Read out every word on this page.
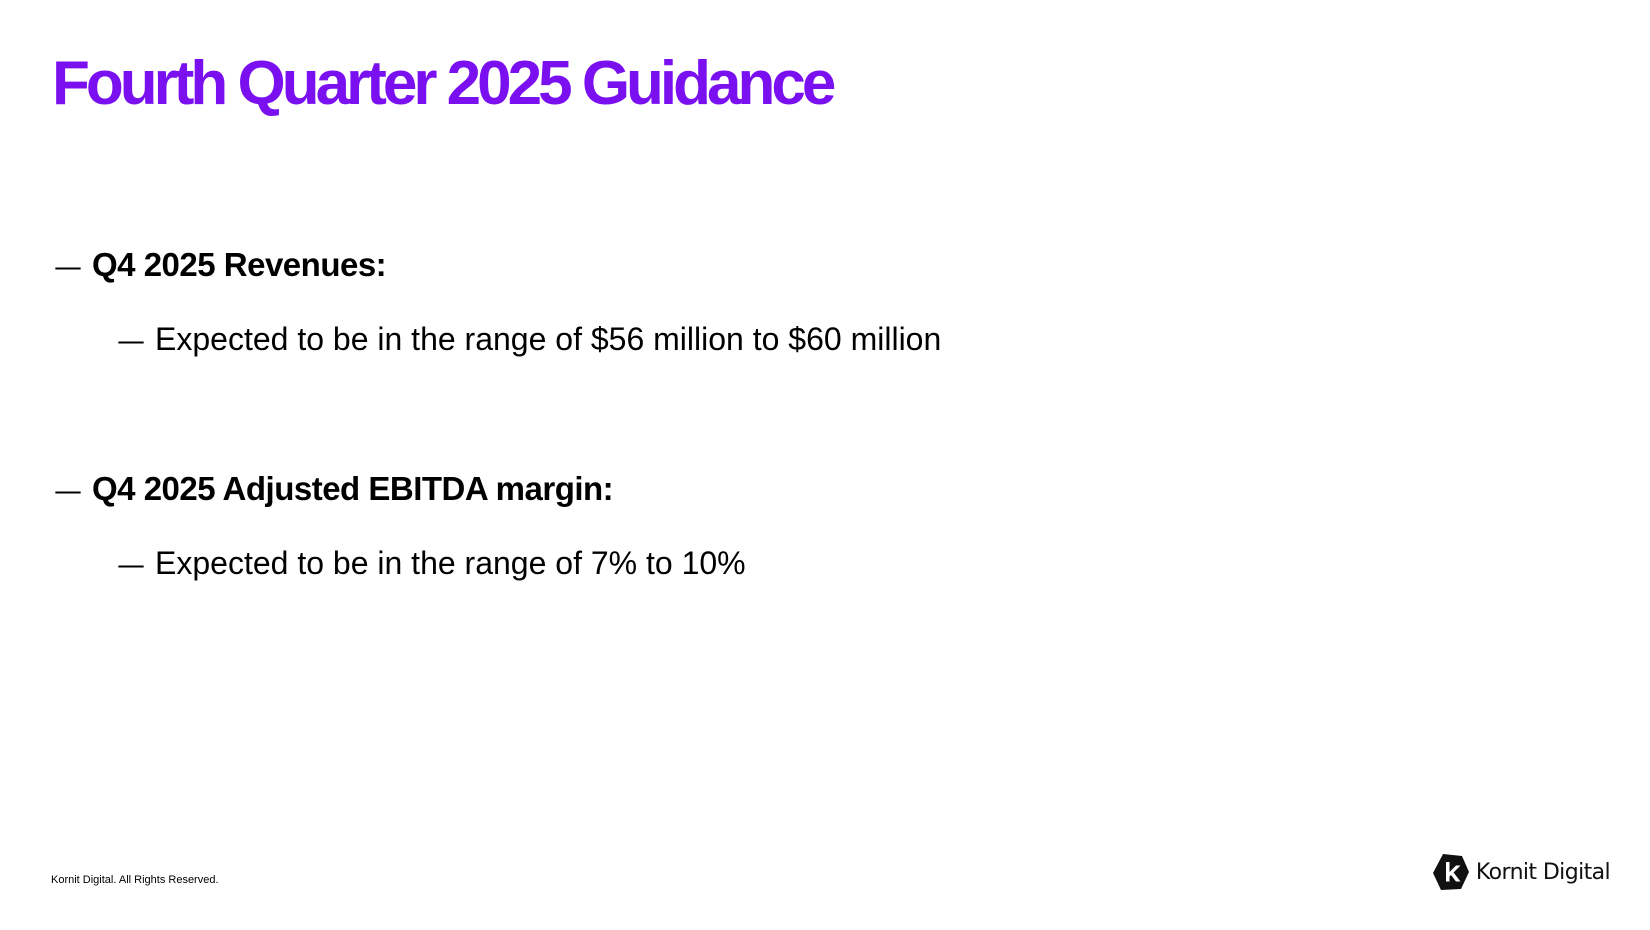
Fourth Quarter 2025 Guidance
— Q4 2025 Revenues:
— Expected to be in the range of $56 million to $60 million
— Q4 2025 Adjusted EBITDA margin:
— Expected to be in the range of 7% to 10%
Kornit Digital. All Rights Reserved.	Kornit Digital
